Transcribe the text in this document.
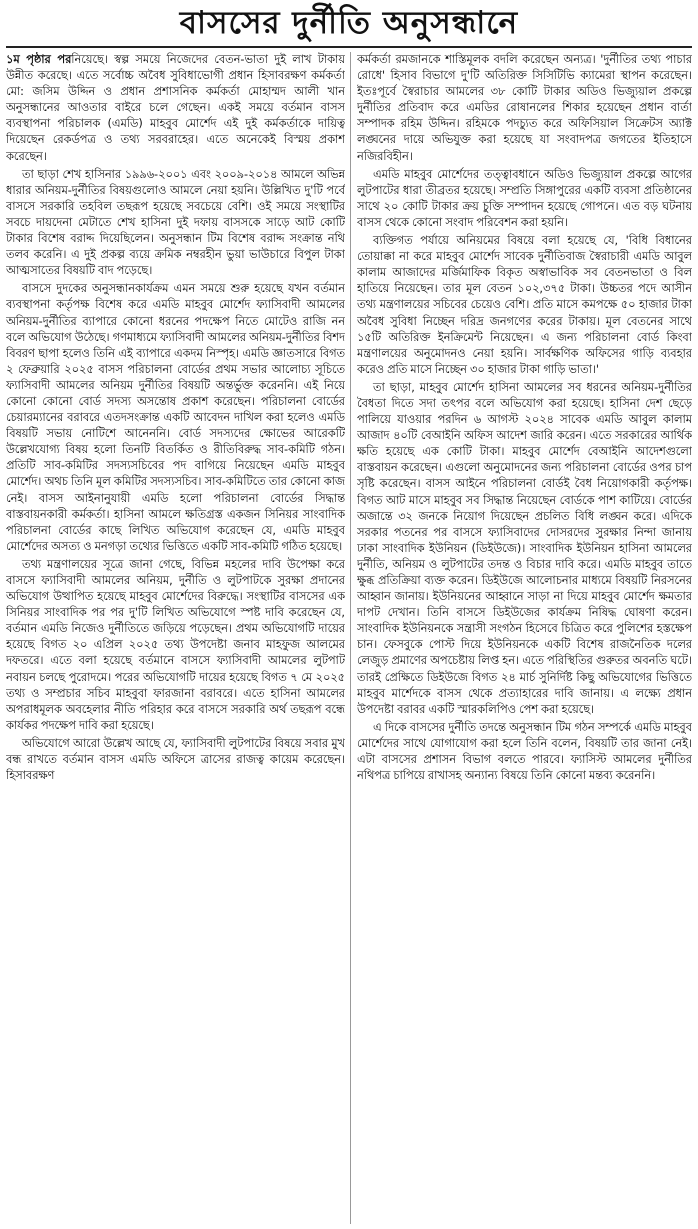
বাসসের দুর্নীতি অনুসন্ধানে

১ম পৃষ্ঠার পরনিয়েছে। স্বল্প সময়ে নিজেদের বেতন-ভাতা দুই লাখ টাকায় উন্নীত করেছে। এতে সর্বোচ্চ অবৈধ সুবিধাভোগী প্রধান হিসাবরক্ষণ কর্মকর্তা মো: জসিম উদ্দিন ও প্রধান প্রশাসনিক কর্মকর্তা মোহাম্মদ আলী খান অনুসন্ধানের আওতার বাইরে চলে গেছেন। একই সময়ে বর্তমান বাসস ব্যবস্থাপনা পরিচালক (এমডি) মাহবুব মোর্শেদ এই দুই কর্মকর্তাকে দায়িত্ব দিয়েছেন রেকর্ডপত্র ও তথ্য সরবরাহের। এতে অনেকেই বিস্ময় প্রকাশ করেছেন।

তা ছাড়া শেখ হাসিনার ১৯৯৬-২০০১ এবং ২০০৯-২০১৪ আমলে অভিন্ন ধারার অনিয়ম-দুর্নীতির বিষয়গুলোও আমলে নেয়া হয়নি। উল্লিখিত দু'টি পর্বে বাসসে সরকারি তহবিল তছরূপ হয়েছে সবচেয়ে বেশি। ওই সময়ে সংস্থাটির সবচে দায়দেনা মেটাতে শেখ হাসিনা দুই দফায় বাসসকে সাড়ে আট কোটি টাকার বিশেষ বরাদ্দ দিয়েছিলেন। অনুসন্ধান টিম বিশেষ বরাদ্দ সংক্রান্ত নথি তলব করেনি। এ দুই প্রকল্প ব্যয়ে ক্রমিক নম্বরহীন ভুয়া ভাউচারে বিপুল টাকা আত্মসাতের বিষয়টি বাদ পড়েছে।

বাসসে দুদকের অনুসন্ধানকার্যক্রম এমন সময়ে শুরু হয়েছে যখন বর্তমান ব্যবস্থাপনা কর্তৃপক্ষ বিশেষ করে এমডি মাহবুব মোর্শেদ ফ্যাসিবাদী আমলের অনিয়ম-দুর্নীতির ব্যাপারে কোনো ধরনের পদক্ষেপ নিতে মোটেও রাজি নন বলে অভিযোগ উঠেছে। গণমাধ্যমে ফ্যাসিবাদী আমলের অনিয়ম-দুর্নীতির বিশদ বিবরণ ছাপা হলেও তিনি এই ব্যাপারে একদম নিস্পৃহ। এমডি জ্ঞাতসারে বিগত ২ ফেব্রুয়ারি ২০২৫ বাসস পরিচালনা বোর্ডের প্রথম সভার আলোচ্য সূচিতে ফ্যাসিবাদী আমলের অনিয়ম দুর্নীতির বিষয়টি অন্তর্ভুক্ত করেননি। এই নিয়ে কোনো কোনো বোর্ড সদস্য অসন্তোষ প্রকাশ করেছেন। পরিচালনা বোর্ডের চেয়ারম্যানের বরাবরে এতদসংক্রান্ত একটি আবেদন দাখিল করা হলেও এমডি বিষয়টি সভায় নোটিশে আনেননি। বোর্ড সদস্যদের ক্ষোভের আরেকটি উল্লেখযোগ্য বিষয় হলো তিনটি বিতর্কিত ও রীতিবিরুদ্ধ সাব-কমিটি গঠন। প্রতিটি সাব-কমিটির সদস্যসচিবের পদ বাগিয়ে নিয়েছেন এমডি মাহবুব মোর্শেদ। অথচ তিনি মূল কমিটির সদস্যসচিব। সাব-কমিটিতে তার কোনো কাজ নেই। বাসস আইনানুযায়ী এমডি হলো পরিচালনা বোর্ডের সিদ্ধান্ত বাস্তবায়নকারী কর্মকর্তা। হাসিনা আমলে ক্ষতিগ্রস্ত একজন সিনিয়র সাংবাদিক পরিচালনা বোর্ডের কাছে লিখিত অভিযোগ করেছেন যে, এমডি মাহবুব মোর্শেদের অসত্য ও মনগড়া তথ্যের ভিত্তিতে একটি সাব-কমিটি গঠিত হয়েছে।

তথ্য মন্ত্রণালয়ের সূত্রে জানা গেছে, বিভিন্ন মহলের দাবি উপেক্ষা করে বাসসে ফ্যাসিবাদী আমলের অনিয়ম, দুর্নীতি ও লুটপাটকে সুরক্ষা প্রদানের অভিযোগ উত্থাপিত হয়েছে মাহবুব মোর্শেদের বিরুদ্ধে। সংস্থাটির বাসসের এক সিনিয়র সাংবাদিক পর পর দু'টি লিখিত অভিযোগে স্পষ্ট দাবি করেছেন যে, বর্তমান এমডি নিজেও দুর্নীতিতে জড়িয়ে পড়েছেন। প্রথম অভিযোগটি দায়ের হয়েছে বিগত ২০ এপ্রিল ২০২৫ তথ্য উপদেষ্টা জনাব মাহফুজ আলমের দফতরে। এতে বলা হয়েছে বর্তমানে বাসসে ফ্যাসিবাদী আমলের লুটপাট নবায়ন চলছে পুরোদমে। পরের অভিযোগটি দায়ের হয়েছে বিগত ৭ মে ২০২৫ তথ্য ও সম্প্রচার সচিব মাহবুবা ফারজানা বরাবরে। এতে হাসিনা আমলের অপরাধমূলক অবহেলার নীতি পরিহার করে বাসসে সরকারি অর্থ তছরূপ বন্ধে কার্যকর পদক্ষেপ দাবি করা হয়েছে।

অভিযোগে আরো উল্লেখ আছে যে, ফ্যাসিবাদী লুটপাটের বিষয়ে সবার মুখ বন্ধ রাখতে বর্তমান বাসস এমডি অফিসে ত্রাসের রাজত্ব কায়েম করেছেন। হিসাবরক্ষণ

কর্মকর্তা রমজানকে শাস্তিমূলক বদলি করেছেন অন্যত্র। 'দুর্নীতির তথ্য পাচার রোধে' হিসাব বিভাগে দু'টি অতিরিক্ত সিসিটিভি ক্যামেরা স্থাপন করেছেন। ইতঃপূর্বে স্বৈরাচার আমলের ৩৮ কোটি টাকার অডিও ভিজ্যুয়াল প্রকল্পে দুর্নীতির প্রতিবাদ করে এমডির রোষানলের শিকার হয়েছেন প্রধান বার্তা সম্পাদক রহিম উদ্দিন। রহিমকে পদচ্যুত করে অফিসিয়াল সিক্রেটস অ্যাক্ট লঙ্ঘনের দায়ে অভিযুক্ত করা হয়েছে যা সংবাদপত্র জগতের ইতিহাসে নজিরবিহীন।

এমডি মাহবুব মোর্শেদের তত্ত্বাবধানে অডিও ভিজ্যুয়াল প্রকল্পে আগের লুটপাটের ধারা তীব্রতর হয়েছে। সম্প্রতি সিঙ্গাপুরের একটি ব্যবসা প্রতিষ্ঠানের সাথে ২০ কোটি টাকার ক্রয় চুক্তি সম্পাদন হয়েছে গোপনে। এত বড় ঘটনায় বাসস থেকে কোনো সংবাদ পরিবেশন করা হয়নি।

ব্যক্তিগত পর্যায়ে অনিয়মের বিষয়ে বলা হয়েছে যে, 'বিধি বিধানের তোয়াক্কা না করে মাহবুব মোর্শেদ সাবেক দুর্নীতিবাজ স্বৈরাচারী এমডি আবুল কালাম আজাদের মর্জিমাফিক বিকৃত অস্বাভাবিক সব বেতনভাতা ও বিল হাতিয়ে নিয়েছেন। তার মূল বেতন ১০২,৩৭৫ টাকা। উচ্চতর পদে আসীন তথ্য মন্ত্রণালয়ের সচিবের চেয়েও বেশি। প্রতি মাসে কমপক্ষে ৫০ হাজার টাকা অবৈধ সুবিধা নিচ্ছেন দরিদ্র জনগণের করের টাকায়। মূল বেতনের সাথে ১৫টি অতিরিক্ত ইনক্রিমেন্ট নিয়েছেন। এ জন্য পরিচালনা বোর্ড কিংবা মন্ত্রণালয়ের অনুমোদনও নেয়া হয়নি। সার্বক্ষণিক অফিসের গাড়ি ব্যবহার করেও প্রতি মাসে নিচ্ছেন ৩০ হাজার টাকা গাড়ি ভাতা।'

তা ছাড়া, মাহবুব মোর্শেদ হাসিনা আমলের সব ধরনের অনিয়ম-দুর্নীতির বৈধতা দিতে সদা তৎপর বলে অভিযোগ করা হয়েছে। হাসিনা দেশ ছেড়ে পালিয়ে যাওয়ার পরদিন ৬ আগস্ট ২০২৪ সাবেক এমডি আবুল কালাম আজাদ ৪০টি বেআইনি অফিস আদেশ জারি করেন। এতে সরকারের আর্থিক ক্ষতি হয়েছে এক কোটি টাকা। মাহবুব মোর্শেদ বেআইনি আদেশগুলো বাস্তবায়ন করেছেন। এগুলো অনুমোদনের জন্য পরিচালনা বোর্ডের ওপর চাপ সৃষ্টি করেছেন। বাসস আইনে পরিচালনা বোর্ডই বৈধ নিয়োগকারী কর্তৃপক্ষ। বিগত আট মাসে মাহবুব সব সিদ্ধান্ত নিয়েছেন বোর্ডকে পাশ কাটিয়ে। বোর্ডের অজান্তে ৩২ জনকে নিয়োগ দিয়েছেন প্রচলিত বিধি লঙ্ঘন করে। এদিকে সরকার পতনের পর বাসসে ফ্যাসিবাদের দোসরদের সুরক্ষার নিন্দা জানায় ঢাকা সাংবাদিক ইউনিয়ন (ডিইউজে)। সাংবাদিক ইউনিয়ন হাসিনা আমলের দুর্নীতি, অনিয়ম ও লুটপাটের তদন্ত ও বিচার দাবি করে। এমডি মাহবুব তাতে ক্ষুব্ধ প্রতিক্রিয়া ব্যক্ত করেন। ডিইউজে আলোচনার মাধ্যমে বিষয়টি নিরসনের আহ্বান জানায়। ইউনিয়নের আহ্বানে সাড়া না দিয়ে মাহবুব মোর্শেদ ক্ষমতার দাপট দেখান। তিনি বাসসে ডিইউজের কার্যক্রম নিষিদ্ধ ঘোষণা করেন। সাংবাদিক ইউনিয়নকে সন্ত্রাসী সংগঠন হিসেবে চিত্রিত করে পুলিশের হস্তক্ষেপ চান। ফেসবুকে পোস্ট দিয়ে ইউনিয়নকে একটি বিশেষ রাজনৈতিক দলের লেজুড় প্রমাণের অপচেষ্টায় লিপ্ত হন। এতে পরিস্থিতির গুরুতর অবনতি ঘটে। তারই প্রেক্ষিতে ডিইউজে বিগত ২৪ মার্চ সুনির্দিষ্ট কিছু অভিযোগের ভিত্তিতে মাহবুব মার্শেদকে বাসস থেকে প্রত্যাহারের দাবি জানায়। এ লক্ষ্যে প্রধান উপদেষ্টা বরাবর একটি স্মারকলিপিও পেশ করা হয়েছে।

এ দিকে বাসসের দুর্নীতি তদন্তে অনুসন্ধান টিম গঠন সম্পর্কে এমডি মাহবুব মোর্শেদের সাথে যোগাযোগ করা হলে তিনি বলেন, বিষয়টি তার জানা নেই। এটা বাসসের প্রশাসন বিভাগ বলতে পারবে। ফ্যাসিস্ট আমলের দুর্নীতির নথিপত্র চাপিয়ে রাখাসহ অন্যান্য বিষয়ে তিনি কোনো মন্তব্য করেননি।
